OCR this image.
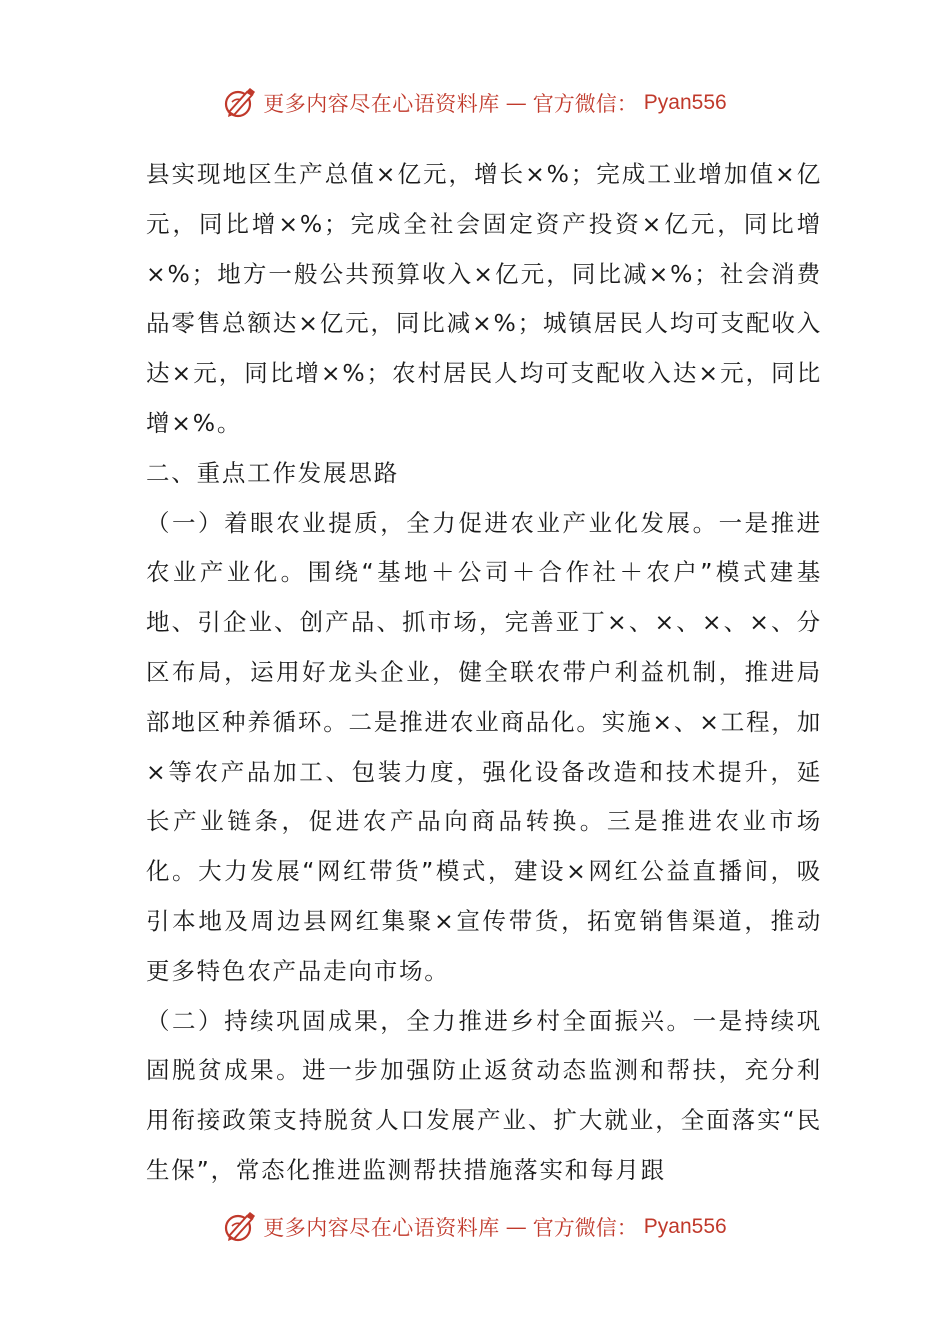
更多内容尽在心语资料库 — 官方微信： Pyan556

县实现地区生产总值×亿元，增长×%；完成工业增加值×亿元，同比增×%；完成全社会固定资产投资×亿元，同比增×%；地方一般公共预算收入×亿元，同比减×%；社会消费品零售总额达×亿元，同比减×%；城镇居民人均可支配收入达×元，同比增×%；农村居民人均可支配收入达×元，同比增×%。

二、重点工作发展思路

（一）着眼农业提质，全力促进农业产业化发展。一是推进农业产业化。围绕“基地＋公司＋合作社＋农户”模式建基地、引企业、创产品、抓市场，完善亚丁×、×、×、×、分区布局，运用好龙头企业，健全联农带户利益机制，推进局部地区种养循环。二是推进农业商品化。实施×、×工程，加×等农产品加工、包装力度，强化设备改造和技术提升，延长产业链条，促进农产品向商品转换。三是推进农业市场化。大力发展“网红带货”模式，建设×网红公益直播间，吸引本地及周边县网红集聚×宣传带货，拓宽销售渠道，推动更多特色农产品走向市场。

（二）持续巩固成果，全力推进乡村全面振兴。一是持续巩固脱贫成果。进一步加强防止返贫动态监测和帮扶，充分利用衔接政策支持脱贫人口发展产业、扩大就业，全面落实“民生保”，常态化推进监测帮扶措施落实和每月跟

更多内容尽在心语资料库 — 官方微信： Pyan556
